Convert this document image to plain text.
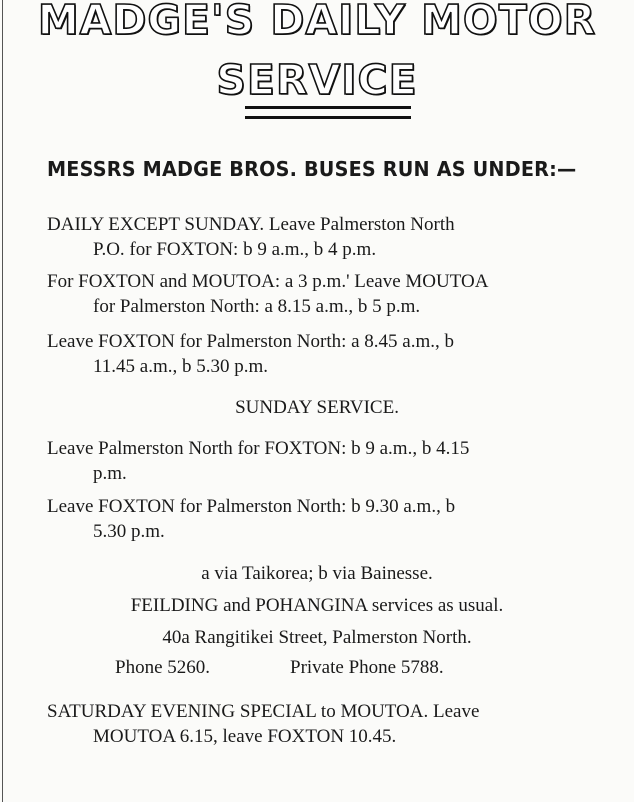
MADGE'S DAILY MOTOR
SERVICE
MESSRS MADGE BROS. BUSES RUN AS UNDER:—
DAILY EXCEPT SUNDAY. Leave Palmerston North
P.O. for FOXTON: b 9 a.m., b 4 p.m.
For FOXTON and MOUTOA: a 3 p.m.' Leave MOUTOA
for Palmerston North: a 8.15 a.m., b 5 p.m.
Leave FOXTON for Palmerston North: a 8.45 a.m., b
11.45 a.m., b 5.30 p.m.
SUNDAY SERVICE.
Leave Palmerston North for FOXTON: b 9 a.m., b 4.15
p.m.
Leave FOXTON for Palmerston North: b 9.30 a.m., b
5.30 p.m.
a via Taikorea; b via Bainesse.
FEILDING and POHANGINA services as usual.
40a Rangitikei Street, Palmerston North.
Phone 5260.	Private Phone 5788.
SATURDAY EVENING SPECIAL to MOUTOA. Leave
MOUTOA 6.15, leave FOXTON 10.45.
